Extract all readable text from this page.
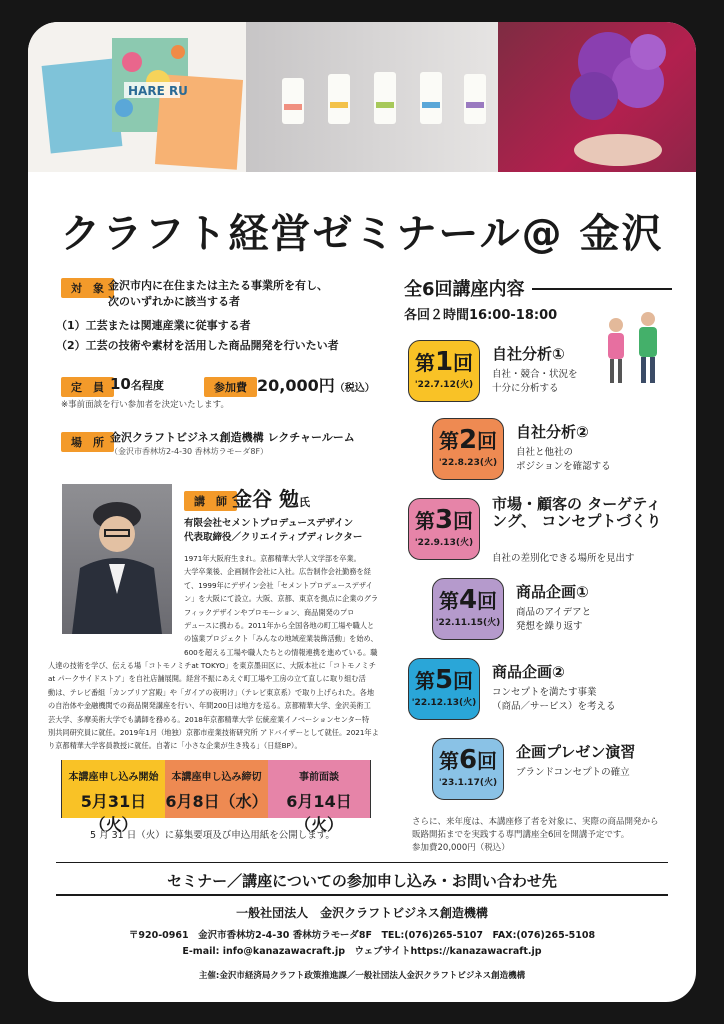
HARE RU
クラフト経営ゼミナール@ 金沢
対　象 金沢市内に在住または主たる事業所を有し、
次のいずれかに該当する者
（1）工芸または関連産業に従事する者
（2）工芸の技術や素材を活用した商品開発を行いたい者
定　員 10名程度	参加費 20,000円（税込）
※事前面談を行い参加者を決定いたします。
場　所 金沢クラフトビジネス創造機構 レクチャールーム
（金沢市香林坊2-4-30 香林坊ラモーダ8F）
講　師 金谷 勉氏
有限会社セメントプロデュースデザイン
代表取締役／クリエイティブディレクター
1971年大阪府生まれ。京都精華大学人文学部を卒業。
大学卒業後、企画制作会社に入社。広告制作会社勤務を経
て、1999年にデザイン会社「セメントプロデュースデザイ
ン」を大阪にて設立。大阪、京都、東京を拠点に企業のグラ
フィックデザインやプロモーション、商品開発のプロ
デュースに携わる。2011年から全国各地の町工場や職人と
の協業プロジェクト「みんなの地域産業装飾活動」を始め、
600を超える工場や職人たちとの情報連携を進めている。職
人達の技術を学び、伝える場「コトモノミチat TOKYO」を東京墨田区に、大阪本社に「コトモノミチ
at パークサイドストア」を自社店舗展開。経営不振にあえぐ町工場や工房の立て直しに取り組む活
動は、テレビ番組「カンブリア宮殿」や「ガイアの夜明け」（テレビ東京系）で取り上げられた。各地
の自治体や金融機関での商品開発講座を行い、年間200日は地方を巡る。京都精華大学、金沢美術工
芸大学、多摩美術大学でも講師を務める。2018年京都精華大学 伝統産業イノベーションセンター特
別共同研究員に就任。2019年1月（地独）京都市産業技術研究所 アドバイザーとして就任。2021年よ
り京都精華大学客員教授に就任。自著に「小さな企業が生き残る」（日経BP）。
本講座申し込み開始
5月31日（火）
本講座申し込み締切
6月8日（水）
事前面談
6月14日（火）
5 月 31 日（火）に募集要項及び申込用紙を公開します。
全6回講座内容
各回２時間16:00-18:00
第1回
'22.7.12(火)
自社分析①
自社・競合・状況を
十分に分析する
第2回
'22.8.23(火)
自社分析②
自社と他社の
ポジションを確認する
第3回
'22.9.13(火)
市場・顧客の ターゲティング、 コンセプトづくり
自社の差別化できる場所を見出す
第4回
'22.11.15(火)
商品企画①
商品のアイデアと
発想を繰り返す
第5回
'22.12.13(火)
商品企画②
コンセプトを満たす事業
（商品／サービス）を考える
第6回
'23.1.17(火)
企画プレゼン演習
ブランドコンセプトの確立
さらに、来年度は、本講座修了者を対象に、実際の商品開発から
販路開拓までを実践する専門講座全6回を開講予定です。
参加費20,000円（税込）
セミナー／講座についての参加申し込み・お問い合わせ先
一般社団法人　金沢クラフトビジネス創造機構
〒920-0961　金沢市香林坊2-4-30 香林坊ラモーダ8F　TEL:(076)265-5107　FAX:(076)265-5108
E-mail: info@kanazawacraft.jp　ウェブサイトhttps://kanazawacraft.jp
主催:金沢市経済局クラフト政策推進課／一般社団法人金沢クラフトビジネス創造機構
